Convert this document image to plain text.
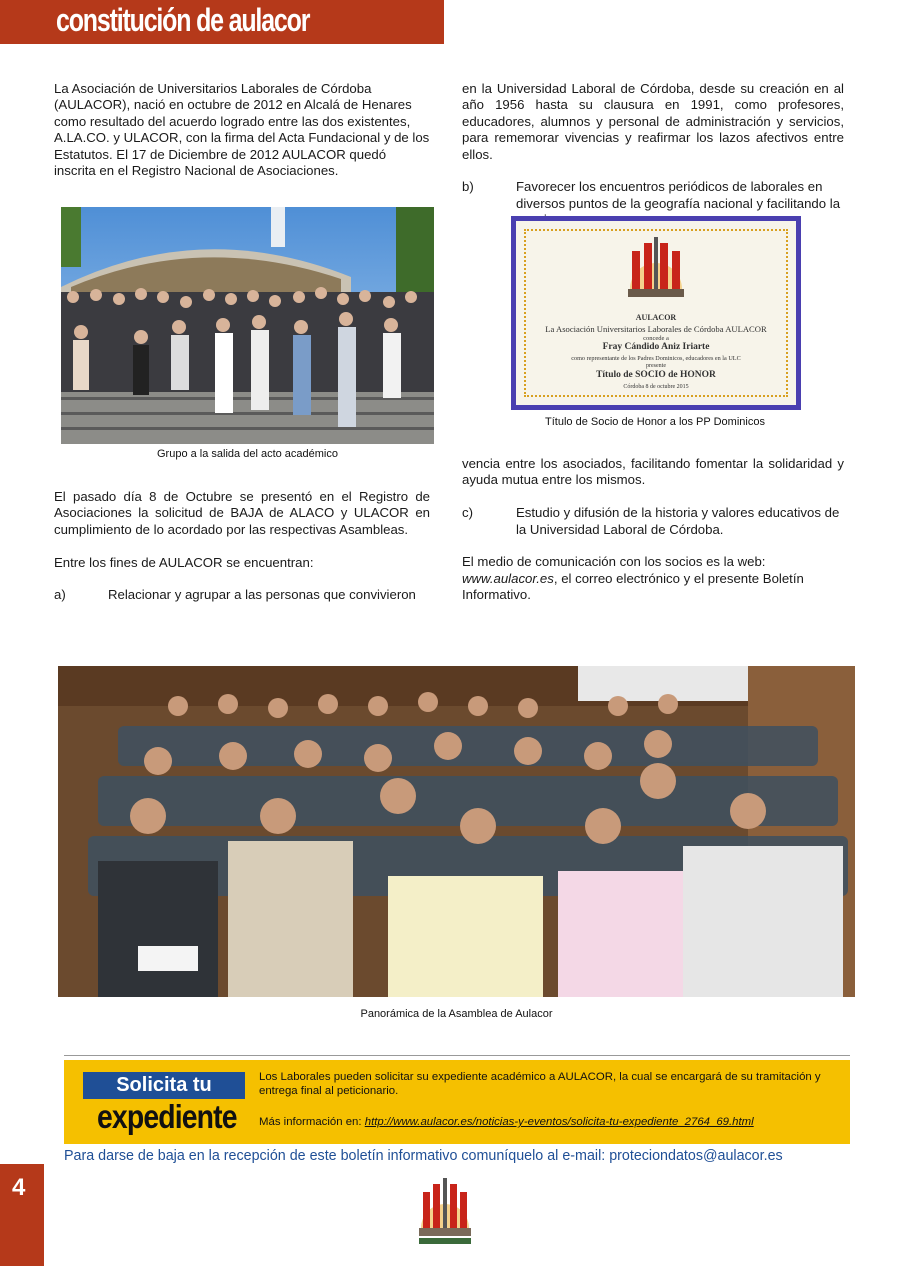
constitución de aulacor

La Asociación de Universitarios Laborales de Córdoba (AULACOR), nació en octubre de 2012 en Alcalá de Henares como resultado del acuerdo logrado entre las dos existentes, A.LA.CO. y ULACOR, con la firma del Acta Fundacional y de los Estatutos. El 17 de Diciembre de 2012 AULACOR quedó inscrita en el Registro Nacional de Asociaciones.

Grupo a la salida del acto académico

El pasado día 8 de Octubre se presentó en el Registro de Asociaciones la solicitud de BAJA de ALACO y ULACOR en cumplimiento de lo acordado por las respectivas Asambleas.

Entre los fines de AULACOR se encuentran:

a)	Relacionar y agrupar a las personas que convivieron

en la Universidad Laboral de Córdoba, desde su creación en al año 1956 hasta su clausura en 1991, como profesores, educadores, alumnos y personal de administración y servicios, para rememorar vivencias y reafirmar los lazos afectivos entre ellos.

b)	Favorecer los encuentros periódicos de laborales en diversos puntos de la geografía nacional y facilitando la
AULACOR
La Asociación Universitarios Laborales de Córdoba AULACOR
concede a
Fray Cándido Aniz Iriarte
como representante de los Padres Dominicos, educadores en la ULC
presente
Título de SOCIO de HONOR
Córdoba 8 de octubre 2015
Título de Socio de Honor a los PP Dominicos

vencia entre los asociados, facilitando fomentar la solidaridad y ayuda mutua entre los mismos.

c)	Estudio y difusión de la historia y valores educativos de la Universidad Laboral de Córdoba.

El medio de comunicación con los socios es la web:
www.aulacor.es, el correo electrónico y el presente Boletín Informativo.

Panorámica de la Asamblea de Aulacor
Solicita tu
expediente
Los Laborales pueden solicitar su expediente académico a AULACOR, la cual se encargará de su tramitación y entrega final al peticionario.
Más información en: http://www.aulacor.es/noticias-y-eventos/solicita-tu-expediente_2764_69.html
Para darse de baja en la recepción de este boletín informativo comuníquelo al e-mail: proteciondatos@aulacor.es
4
